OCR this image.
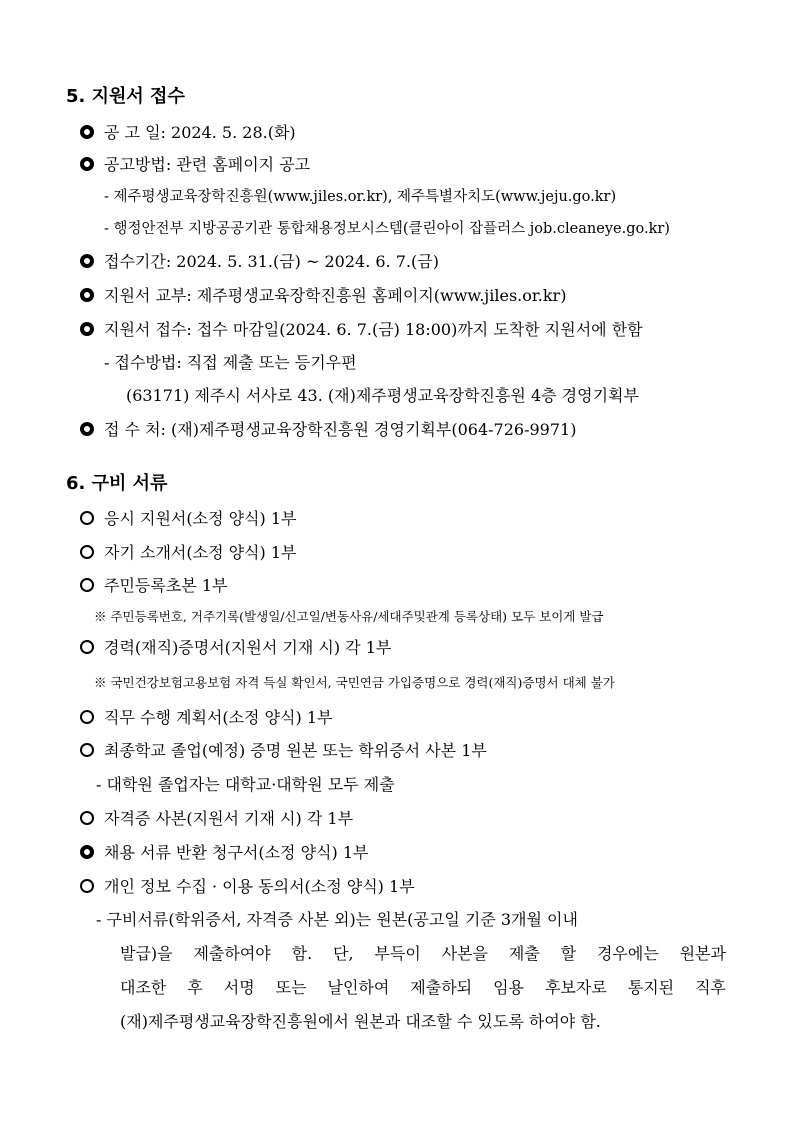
5. 지원서 접수
공 고 일: 2024. 5. 28.(화)
공고방법: 관련 홈페이지 공고
- 제주평생교육장학진흥원(www.jiles.or.kr), 제주특별자치도(www.jeju.go.kr)
- 행정안전부 지방공공기관 통합채용정보시스템(클린아이 잡플러스 job.cleaneye.go.kr)
접수기간: 2024. 5. 31.(금) ~ 2024. 6. 7.(금)
지원서 교부: 제주평생교육장학진흥원 홈페이지(www.jiles.or.kr)
지원서 접수: 접수 마감일(2024. 6. 7.(금) 18:00)까지 도착한 지원서에 한함
- 접수방법: 직접 제출 또는 등기우편
(63171) 제주시 서사로 43. (재)제주평생교육장학진흥원 4층 경영기획부
접 수 처: (재)제주평생교육장학진흥원 경영기획부(064-726-9971)
6. 구비 서류
응시 지원서(소정 양식) 1부
자기 소개서(소정 양식) 1부
주민등록초본 1부
※ 주민등록번호, 거주기록(발생일/신고일/변동사유/세대주및관계 등록상태) 모두 보이게 발급
경력(재직)증명서(지원서 기재 시) 각 1부
※ 국민건강보험고용보험 자격 득실 확인서, 국민연금 가입증명으로 경력(재직)증명서 대체 불가
직무 수행 계획서(소정 양식) 1부
최종학교 졸업(예정) 증명 원본 또는 학위증서 사본 1부
- 대학원 졸업자는 대학교·대학원 모두 제출
자격증 사본(지원서 기재 시) 각 1부
채용 서류 반환 청구서(소정 양식) 1부
개인 정보 수집 · 이용 동의서(소정 양식) 1부
- 구비서류(학위증서, 자격증 사본 외)는 원본(공고일 기준 3개월 이내
발급)을 제출하여야 함. 단, 부득이 사본을 제출 할 경우에는 원본과
대조한 후 서명 또는 날인하여 제출하되 임용 후보자로 통지된 직후
(재)제주평생교육장학진흥원에서 원본과 대조할 수 있도록 하여야 함.
